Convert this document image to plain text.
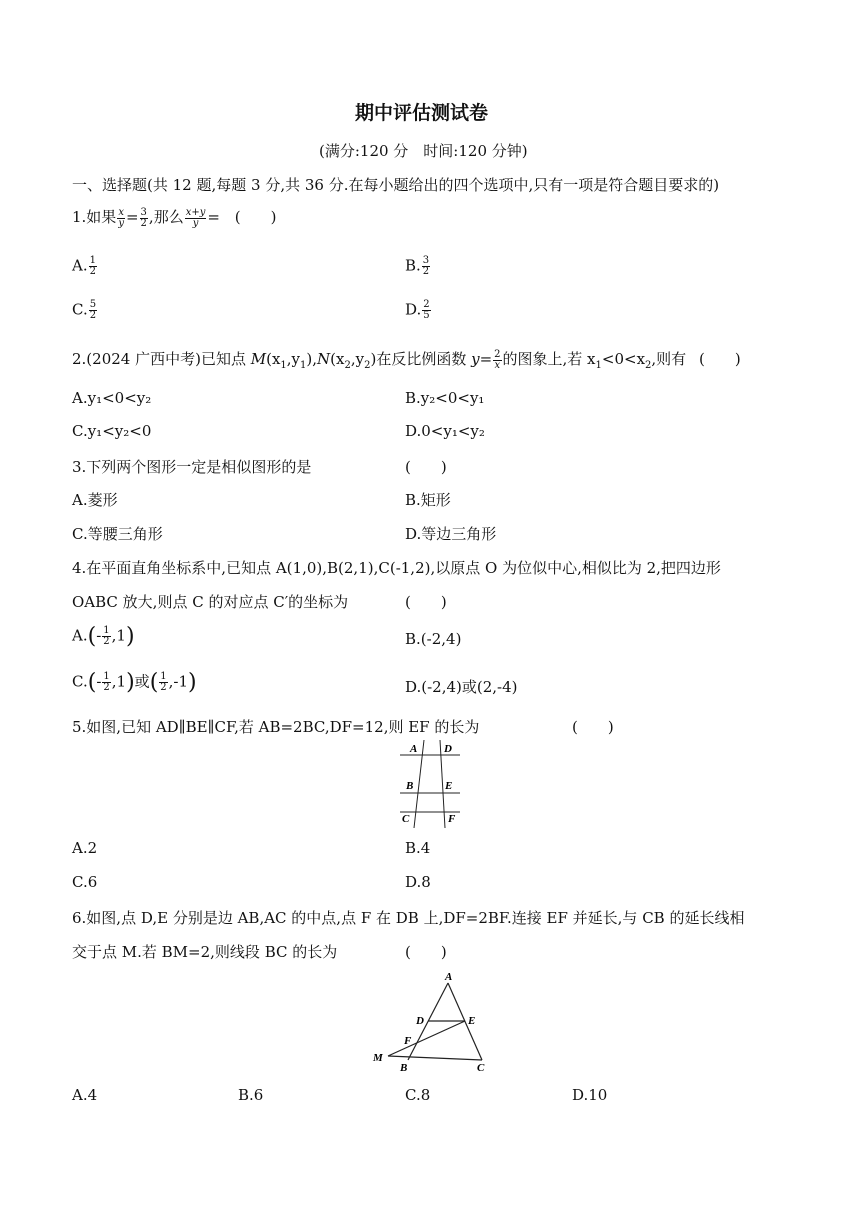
期中评估测试卷
(满分:120 分　时间:120 分钟)
一、选择题(共 12 题,每题 3 分,共 36 分.在每小题给出的四个选项中,只有一项是符合题目要求的)
1.如果 $\frac{x}{y} = \frac{3}{2}$ ,那么 $\frac{x+y}{y}$ = (　　)
A. $\frac{1}{2}$	B. $\frac{3}{2}$
C. $\frac{5}{2}$	D. $\frac{2}{5}$
2.(2024 广西中考)已知点 $M(x_1,y_1),N(x_2,y_2)$在反比例函数 $y= \frac{2}{x}$ 的图象上,若 $x_1<0<x_2$,则有 (　　)
A.y₁<0<y₂	B.y₂<0<y₁
C.y₁<y₂<0	D.0<y₁<y₂
3.下列两个图形一定是相似图形的是	(　　)
A.菱形	B.矩形
C.等腰三角形	D.等边三角形
4.在平面直角坐标系中,已知点 A(1,0),B(2,1),C(-1,2),以原点 O 为位似中心,相似比为 2,把四边形
OABC 放大,则点 C 的对应点 C′的坐标为	(　　)
$A.(- \frac{1}{2} ,1)$	B.(-2,4)
$C.(- \frac{1}{2} ,1)$或( $\frac{1}{2} ,-1$)	D.(-2,4)或(2,-4)
5.如图,已知 AD∥BE∥CF,若 AB=2BC,DF=12,则 EF 的长为	(　　)
A D
B	E
C	F
A.2	B.4
C.6	D.8
6.如图,点 D,E 分别是边 AB,AC 的中点,点 F 在 DB 上,DF=2BF.连接 EF 并延长,与 CB 的延长线相
交于点 M.若 BM=2,则线段 BC 的长为	(　　)
A
D	E
F
M
B	C
A.4	B.6	C.8	D.10
